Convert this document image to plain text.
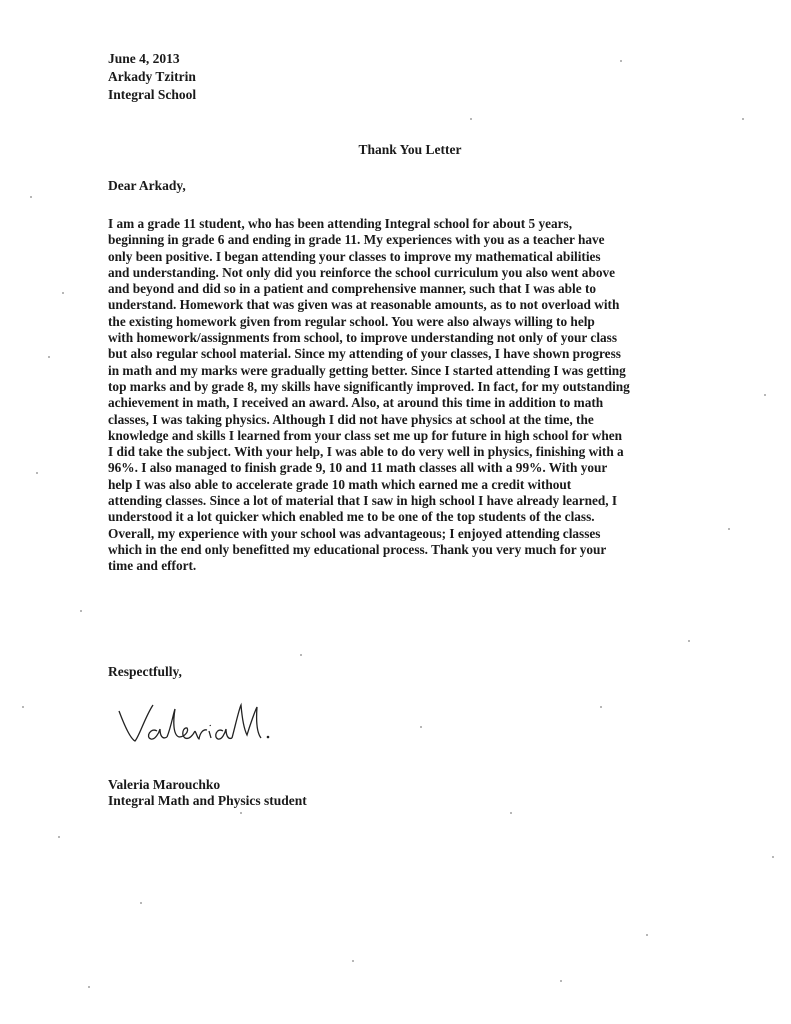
June 4, 2013
Arkady Tzitrin
Integral School
Thank You Letter
Dear Arkady,
I am a grade 11 student, who has been attending Integral school for about 5 years,
beginning in grade 6 and ending in grade 11. My experiences with you as a teacher have
only been positive. I began attending your classes to improve my mathematical abilities
and understanding. Not only did you reinforce the school curriculum you also went above
and beyond and did so in a patient and comprehensive manner, such that I was able to
understand. Homework that was given was at reasonable amounts, as to not overload with
the existing homework given from regular school. You were also always willing to help
with homework/assignments from school, to improve understanding not only of your class
but also regular school material. Since my attending of your classes, I have shown progress
in math and my marks were gradually getting better. Since I started attending I was getting
top marks and by grade 8, my skills have significantly improved. In fact, for my outstanding
achievement in math, I received an award. Also, at around this time in addition to math
classes, I was taking physics. Although I did not have physics at school at the time, the
knowledge and skills I learned from your class set me up for future in high school for when
I did take the subject. With your help, I was able to do very well in physics, finishing with a
96%. I also managed to finish grade 9, 10 and 11 math classes all with a 99%. With your
help I was also able to accelerate grade 10 math which earned me a credit without
attending classes. Since a lot of material that I saw in high school I have already learned, I
understood it a lot quicker which enabled me to be one of the top students of the class.
Overall, my experience with your school was advantageous; I enjoyed attending classes
which in the end only benefitted my educational process. Thank you very much for your
time and effort.
Respectfully,
Valeria Marouchko
Integral Math and Physics student
